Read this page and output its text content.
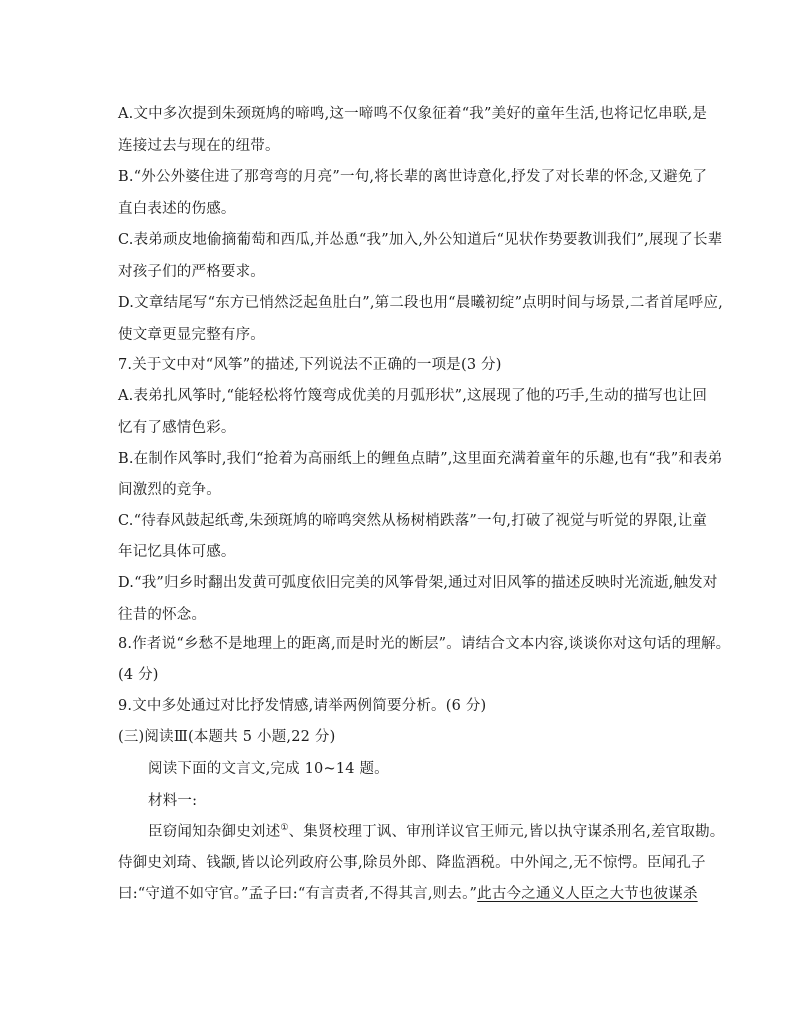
A.文中多次提到朱颈斑鸠的啼鸣,这一啼鸣不仅象征着“我”美好的童年生活,也将记忆串联,是
连接过去与现在的纽带。
B.“外公外婆住进了那弯弯的月亮”一句,将长辈的离世诗意化,抒发了对长辈的怀念,又避免了
直白表述的伤感。
C.表弟顽皮地偷摘葡萄和西瓜,并怂恿“我”加入,外公知道后“见状作势要教训我们”,展现了长辈
对孩子们的严格要求。
D.文章结尾写“东方已悄然泛起鱼肚白”,第二段也用“晨曦初绽”点明时间与场景,二者首尾呼应,
使文章更显完整有序。
7.关于文中对“风筝”的描述,下列说法不正确的一项是(3 分)
A.表弟扎风筝时,“能轻松将竹篾弯成优美的月弧形状”,这展现了他的巧手,生动的描写也让回
忆有了感情色彩。
B.在制作风筝时,我们“抢着为高丽纸上的鲤鱼点睛”,这里面充满着童年的乐趣,也有“我”和表弟
间激烈的竞争。
C.“待春风鼓起纸鸢,朱颈斑鸠的啼鸣突然从杨树梢跌落”一句,打破了视觉与听觉的界限,让童
年记忆具体可感。
D.“我”归乡时翻出发黄可弧度依旧完美的风筝骨架,通过对旧风筝的描述反映时光流逝,触发对
往昔的怀念。
8.作者说“乡愁不是地理上的距离,而是时光的断层”。请结合文本内容,谈谈你对这句话的理解。
(4 分)
9.文中多处通过对比抒发情感,请举两例简要分析。(6 分)
(三)阅读Ⅲ(本题共 5 小题,22 分)
阅读下面的文言文,完成 10~14 题。
材料一:
臣窃闻知杂御史刘述①、集贤校理丁讽、审刑详议官王师元,皆以执守谋杀刑名,差官取勘。
侍御史刘琦、钱颛,皆以论列政府公事,除员外郎、降监酒税。中外闻之,无不惊愕。臣闻孔子
曰:“守道不如守官。”孟子曰:“有言责者,不得其言,则去。”此古今之通义人臣之大节也彼谋杀
